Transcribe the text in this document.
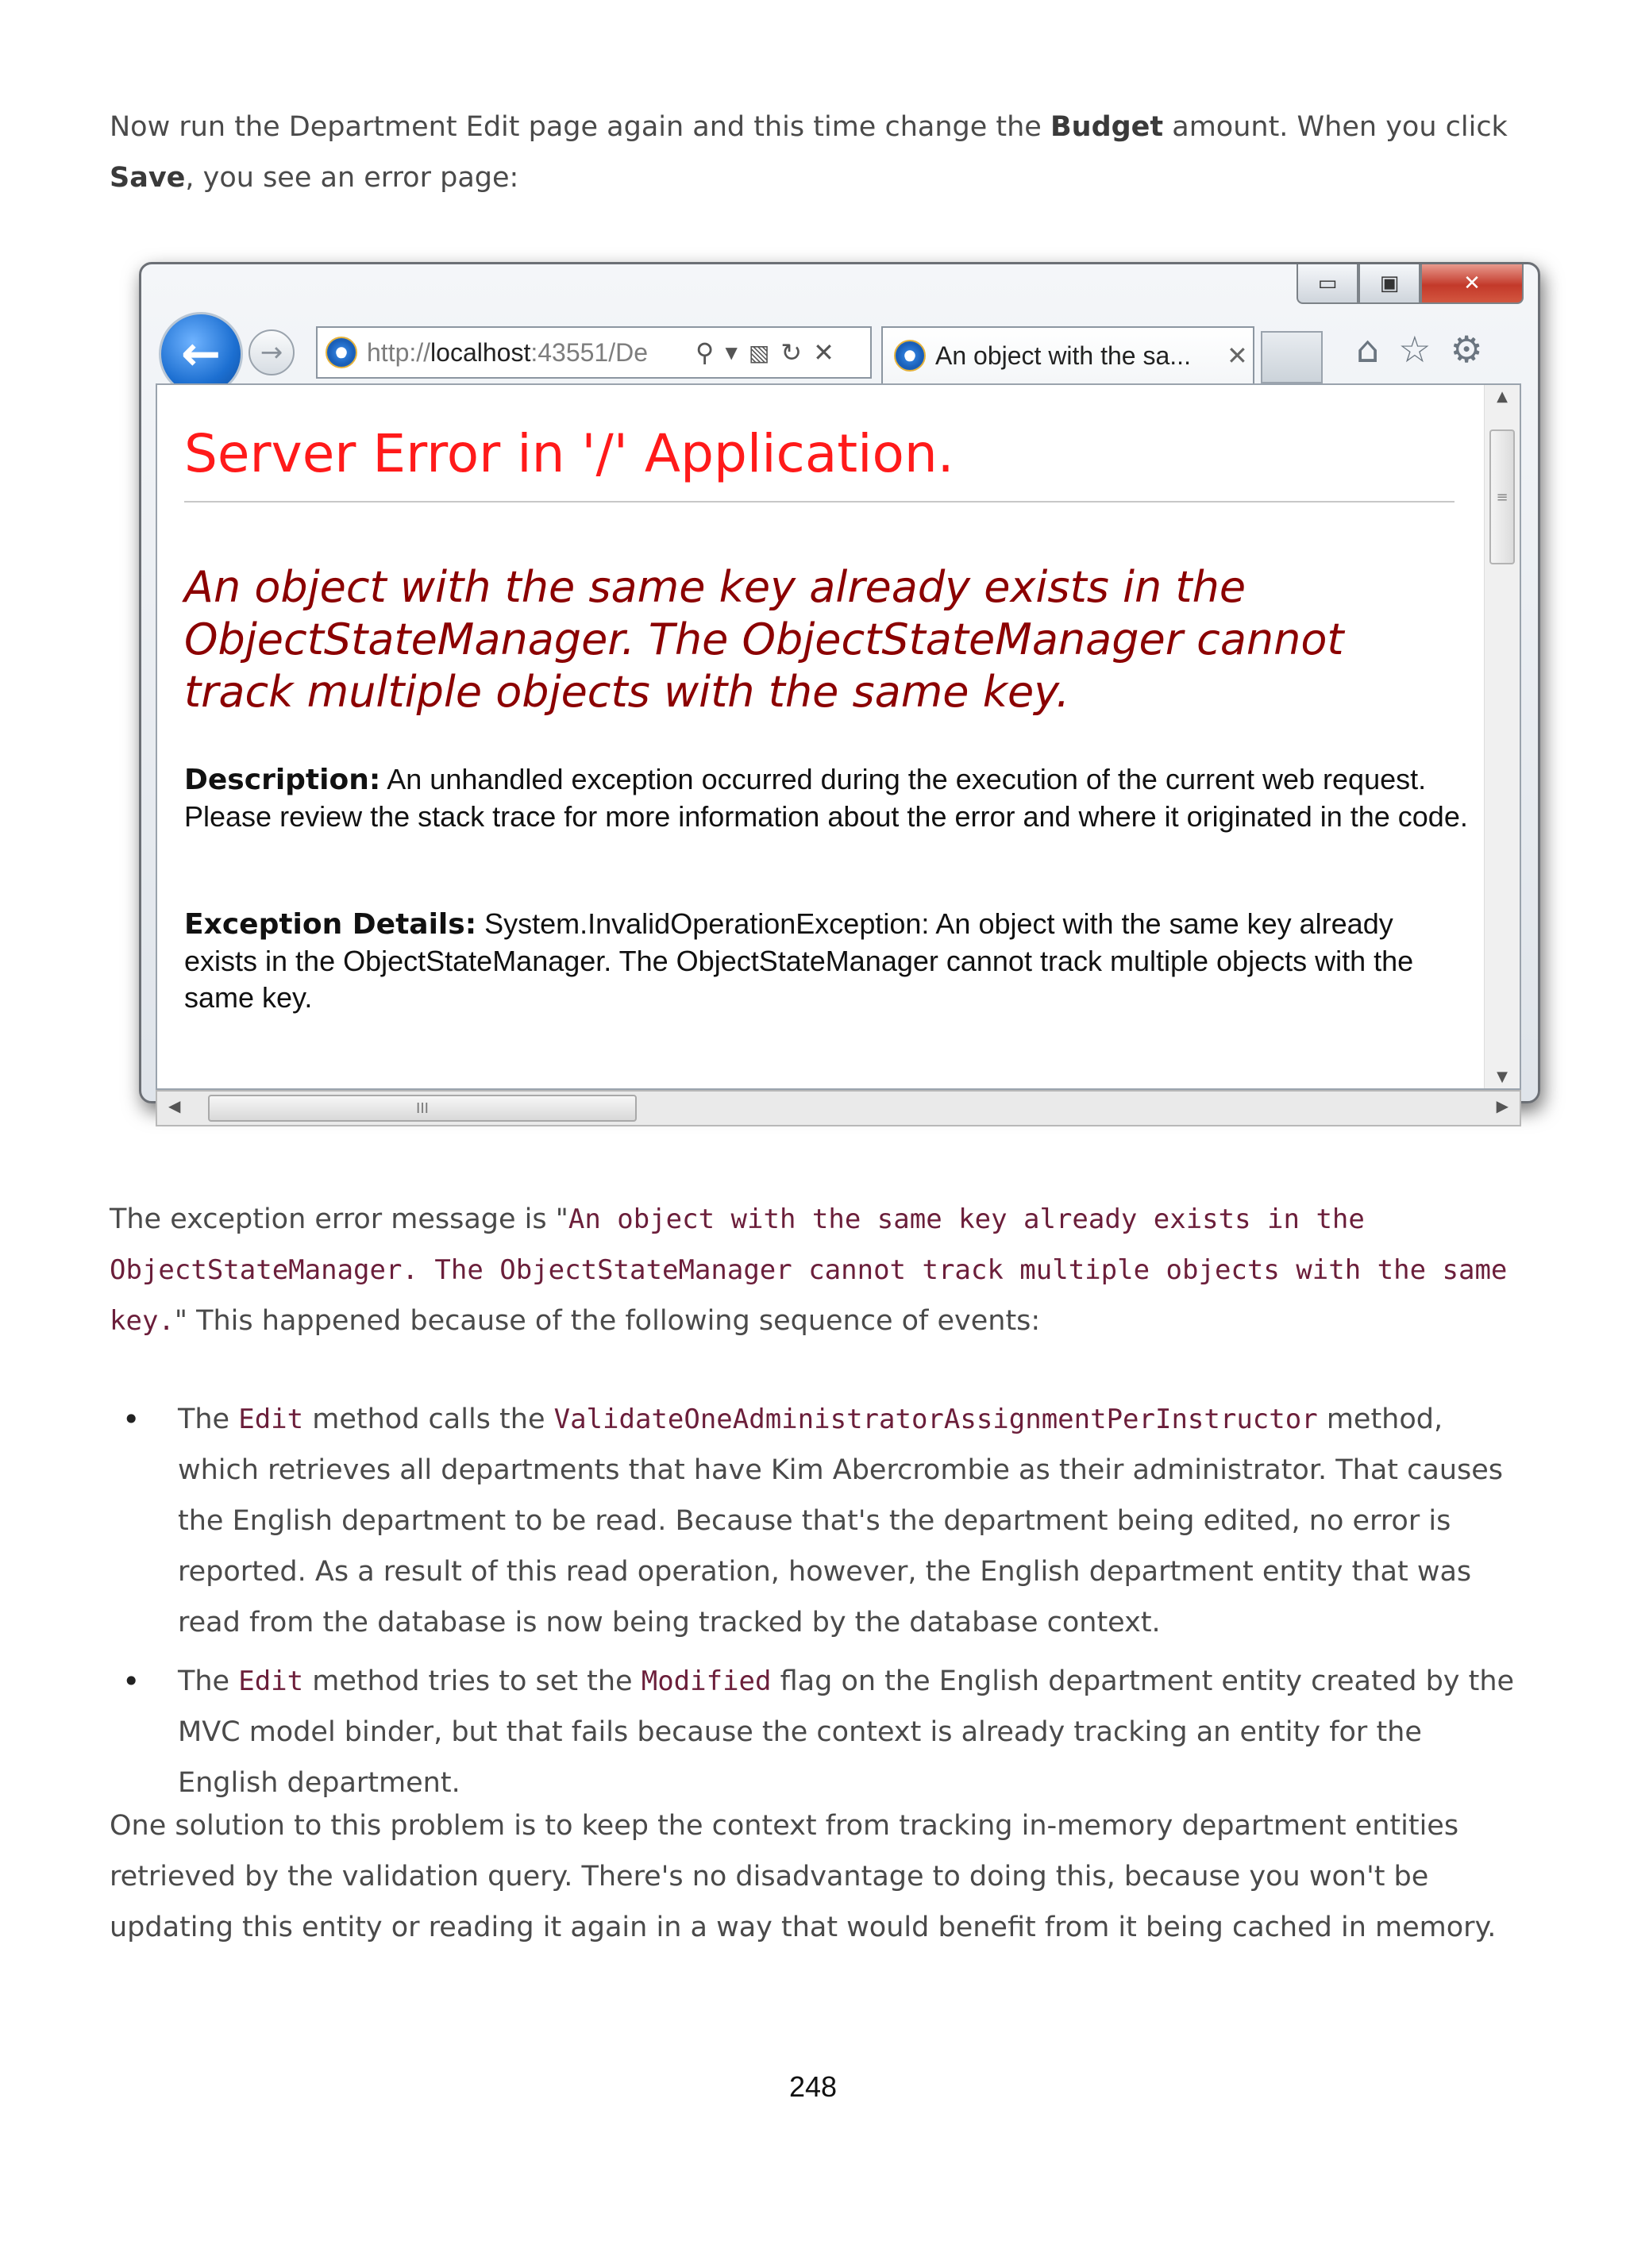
Now run the Department Edit page again and this time change the Budget amount. When you click Save, you see an error page:

▭	▣	✕
←	→	e http://localhost:43551/De	⚲ ▼ ▧ ↻ ✕	e An object with the sa...	✕	⌂ ☆ ⚙
Server Error in '/' Application.
An object with the same key already exists in the ObjectStateManager. The ObjectStateManager cannot track multiple objects with the same key.
Description: An unhandled exception occurred during the execution of the current web request. Please review the stack trace for more information about the error and where it originated in the code.
Exception Details: System.InvalidOperationException: An object with the same key already exists in the ObjectStateManager. The ObjectStateManager cannot track multiple objects with the same key.
▲
≡
▼
◀	III	▶

The exception error message is "An object with the same key already exists in the ObjectStateManager. The ObjectStateManager cannot track multiple objects with the same key." This happened because of the following sequence of events:

• The Edit method calls the ValidateOneAdministratorAssignmentPerInstructor method, which retrieves all departments that have Kim Abercrombie as their administrator. That causes the English department to be read. Because that's the department being edited, no error is reported. As a result of this read operation, however, the English department entity that was read from the database is now being tracked by the database context.
• The Edit method tries to set the Modified flag on the English department entity created by the MVC model binder, but that fails because the context is already tracking an entity for the English department.

One solution to this problem is to keep the context from tracking in-memory department entities retrieved by the validation query. There's no disadvantage to doing this, because you won't be updating this entity or reading it again in a way that would benefit from it being cached in memory.

248
